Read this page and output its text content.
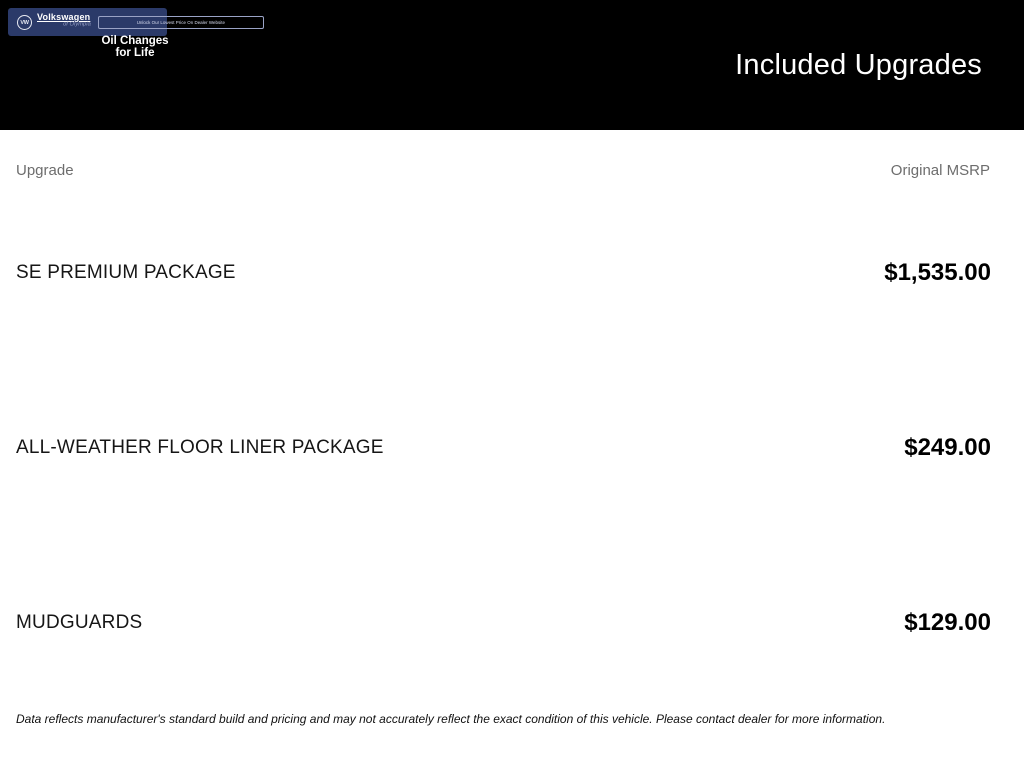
VW Volkswagen
of Olympia	Unlock Our Lowest Price On Dealer Website
Oil Changes
for Life	Included Upgrades
Upgrade	Original MSRP
SE PREMIUM PACKAGE	$1,535.00
ALL-WEATHER FLOOR LINER PACKAGE	$249.00
MUDGUARDS	$129.00
Data reflects manufacturer's standard build and pricing and may not accurately reflect the exact condition of this vehicle. Please contact dealer for more information.
